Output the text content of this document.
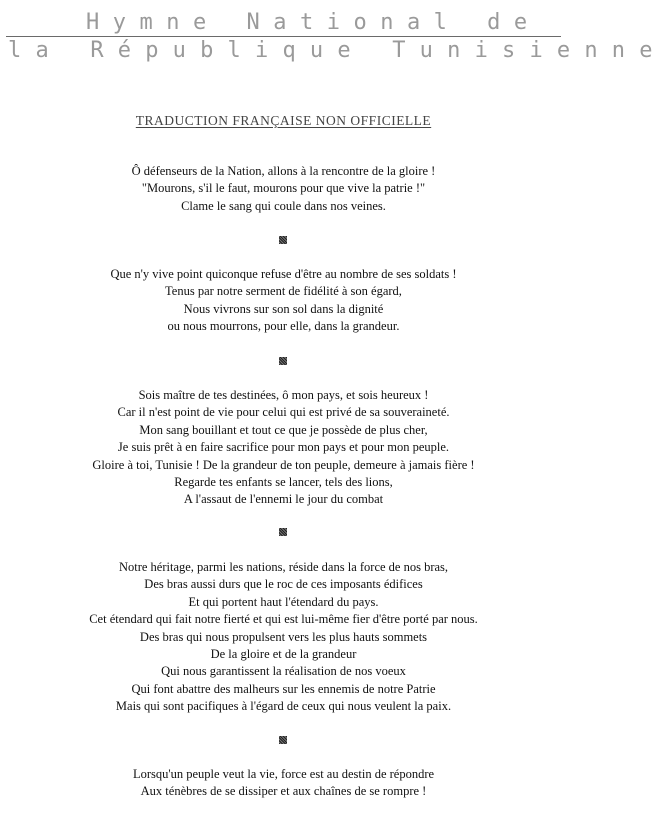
Hymne National de
la République Tunisienne
TRADUCTION FRANÇAISE NON OFFICIELLE
Ô défenseurs de la Nation, allons à la rencontre de la gloire !
"Mourons, s'il le faut, mourons pour que vive la patrie !"
Clame le sang qui coule dans nos veines.
Que n'y vive point quiconque refuse d'être au nombre de ses soldats !
Tenus par notre serment de fidélité à son égard,
Nous vivrons sur son sol dans la dignité
ou nous mourrons, pour elle, dans la grandeur.
Sois maître de tes destinées, ô mon pays, et sois heureux !
Car il n'est point de vie pour celui qui est privé de sa souveraineté.
Mon sang bouillant et tout ce que je possède de plus cher,
Je suis prêt à en faire sacrifice pour mon pays et pour mon peuple.
Gloire à toi, Tunisie ! De la grandeur de ton peuple, demeure à jamais fière !
Regarde tes enfants se lancer, tels des lions,
A l'assaut de l'ennemi le jour du combat
Notre héritage, parmi les nations, réside dans la force de nos bras,
Des bras aussi durs que le roc de ces imposants édifices
Et qui portent haut l'étendard du pays.
Cet étendard qui fait notre fierté et qui est lui-même fier d'être porté par nous.
Des bras qui nous propulsent vers les plus hauts sommets
De la gloire et de la grandeur
Qui nous garantissent la réalisation de nos voeux
Qui font abattre des malheurs sur les ennemis de notre Patrie
Mais qui sont pacifiques à l'égard de ceux qui nous veulent la paix.
Lorsqu'un peuple veut la vie, force est au destin de répondre
Aux ténèbres de se dissiper et aux chaînes de se rompre !
